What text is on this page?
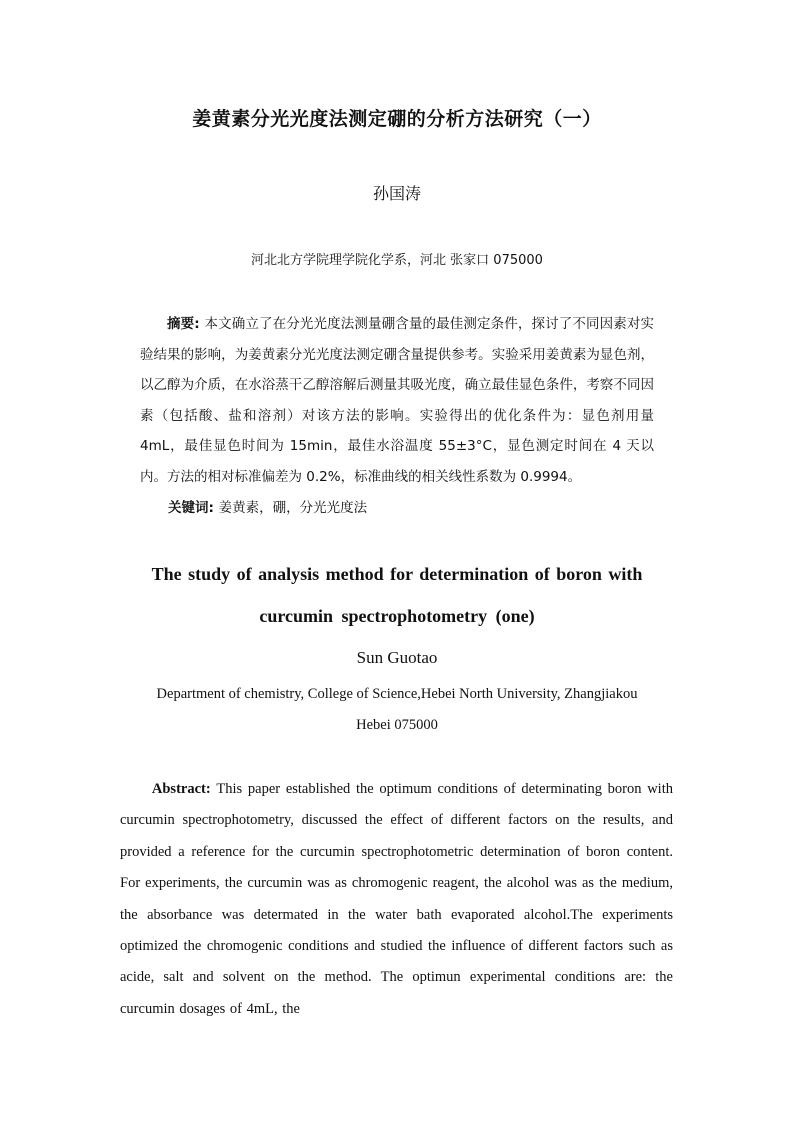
姜黄素分光光度法测定硼的分析方法研究（一）
孙国涛
河北北方学院理学院化学系，河北 张家口 075000
摘要: 本文确立了在分光光度法测量硼含量的最佳测定条件，探讨了不同因素对实验结果的影响，为姜黄素分光光度法测定硼含量提供参考。实验采用姜黄素为显色剂，以乙醇为介质，在水浴蒸干乙醇溶解后测量其吸光度，确立最佳显色条件，考察不同因素（包括酸、盐和溶剂）对该方法的影响。实验得出的优化条件为：显色剂用量 4mL，最佳显色时间为 15min，最佳水浴温度 55±3°C，显色测定时间在 4 天以内。方法的相对标准偏差为 0.2%，标准曲线的相关线性系数为 0.9994。
关键词: 姜黄素，硼，分光光度法
The study of analysis method for determination of boron with
curcumin spectrophotometry (one)
Sun Guotao
Department of chemistry, College of Science,Hebei North University, Zhangjiakou
Hebei 075000
Abstract: This paper established the optimum conditions of determinating boron with curcumin spectrophotometry, discussed the effect of different factors on the results, and provided a reference for the curcumin spectrophotometric determination of boron content. For experiments, the curcumin was as chromogenic reagent, the alcohol was as the medium, the absorbance was determated in the water bath evaporated alcohol.The experiments optimized the chromogenic conditions and studied the influence of different factors such as acide, salt and solvent on the method. The optimun experimental conditions are: the curcumin dosages of 4mL, the
